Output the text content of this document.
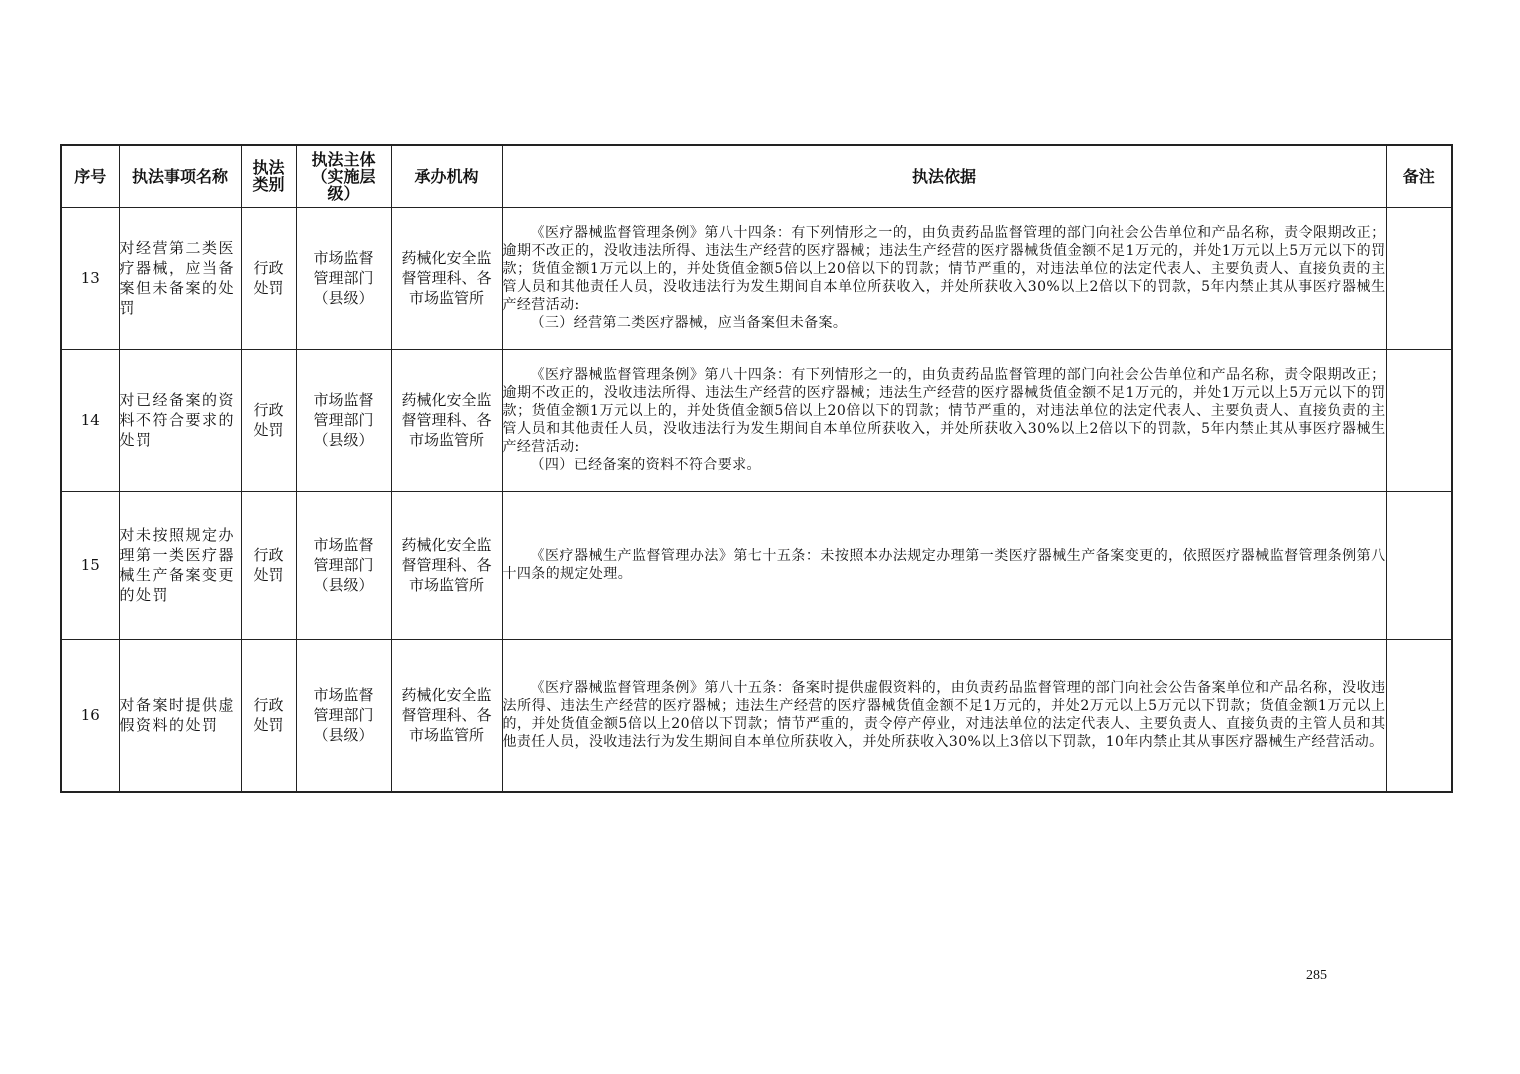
序号	执法事项名称	执法类别	执法主体（实施层级）	承办机构	执法依据	备注
13	对经营第二类医疗器械，应当备案但未备案的处罚	行政处罚	市场监督管理部门（县级）	药械化安全监督管理科、各市场监管所	《医疗器械监督管理条例》第八十四条：有下列情形之一的，由负责药品监督管理的部门向社会公告单位和产品名称，责令限期改正；逾期不改正的，没收违法所得、违法生产经营的医疗器械；违法生产经营的医疗器械货值金额不足1万元的，并处1万元以上5万元以下的罚款；货值金额1万元以上的，并处货值金额5倍以上20倍以下的罚款；情节严重的，对违法单位的法定代表人、主要负责人、直接负责的主管人员和其他责任人员，没收违法行为发生期间自本单位所获收入，并处所获收入30%以上2倍以下的罚款，5年内禁止其从事医疗器械生产经营活动:

（三）经营第二类医疗器械，应当备案但未备案。	

14	对已经备案的资料不符合要求的处罚	行政处罚	市场监督管理部门（县级）	药械化安全监督管理科、各市场监管所	《医疗器械监督管理条例》第八十四条：有下列情形之一的，由负责药品监督管理的部门向社会公告单位和产品名称，责令限期改正；逾期不改正的，没收违法所得、违法生产经营的医疗器械；违法生产经营的医疗器械货值金额不足1万元的，并处1万元以上5万元以下的罚款；货值金额1万元以上的，并处货值金额5倍以上20倍以下的罚款；情节严重的，对违法单位的法定代表人、主要负责人、直接负责的主管人员和其他责任人员，没收违法行为发生期间自本单位所获收入，并处所获收入30%以上2倍以下的罚款，5年内禁止其从事医疗器械生产经营活动:

（四）已经备案的资料不符合要求。	

15	对未按照规定办理第一类医疗器械生产备案变更的处罚	行政处罚	市场监督管理部门（县级）	药械化安全监督管理科、各市场监管所	《医疗器械生产监督管理办法》第七十五条：未按照本办法规定办理第一类医疗器械生产备案变更的，依照医疗器械监督管理条例第八十四条的规定处理。	

16	对备案时提供虚假资料的处罚	行政处罚	市场监督管理部门（县级）	药械化安全监督管理科、各市场监管所	《医疗器械监督管理条例》第八十五条：备案时提供虚假资料的，由负责药品监督管理的部门向社会公告备案单位和产品名称，没收违法所得、违法生产经营的医疗器械；违法生产经营的医疗器械货值金额不足1万元的，并处2万元以上5万元以下罚款；货值金额1万元以上的，并处货值金额5倍以上20倍以下罚款；情节严重的，责令停产停业，对违法单位的法定代表人、主要负责人、直接负责的主管人员和其他责任人员，没收违法行为发生期间自本单位所获收入，并处所获收入30%以上3倍以下罚款，10年内禁止其从事医疗器械生产经营活动。	

285
